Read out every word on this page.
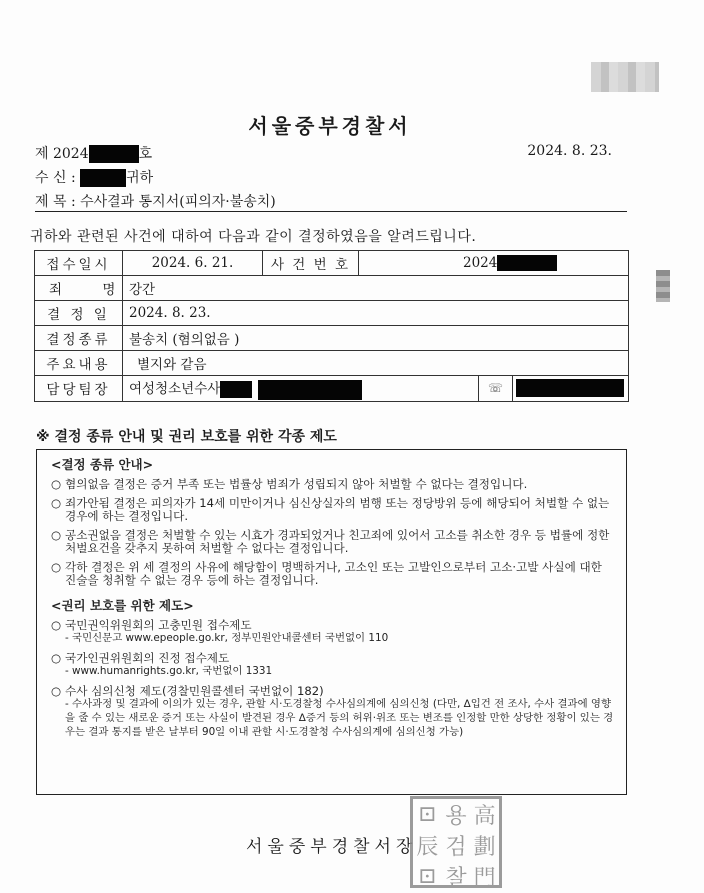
서울중부경찰서
제 2024	호	2024. 8. 23.
수 신 :	귀하
제 목 : 수사결과 통지서(피의자·불송치)
귀하와 관련된 사건에 대하여 다음과 같이 결정하였음을 알려드립니다.
접수일시	2024. 6. 21.	사 건 번 호	2024		
죄 명	강간				
결 정 일	2024. 8. 23.				
결정종류	불송치 (혐의없음 )				
주요내용	별지와 같음				
담당팀장	여성청소년수사			☏	
※ 결정 종류 안내 및 권리 보호를 위한 각종 제도
<결정 종류 안내>
○ 혐의없음 결정은 증거 부족 또는 법률상 범죄가 성립되지 않아 처벌할 수 없다는 결정입니다.
○ 죄가안됨 결정은 피의자가 14세 미만이거나 심신상실자의 범행 또는 정당방위 등에 해당되어 처벌할 수 없는 경우에 하는 결정입니다.
○ 공소권없음 결정은 처벌할 수 있는 시효가 경과되었거나 친고죄에 있어서 고소를 취소한 경우 등 법률에 정한 처벌요건을 갖추지 못하여 처벌할 수 없다는 결정입니다.
○ 각하 결정은 위 세 결정의 사유에 해당함이 명백하거나, 고소인 또는 고발인으로부터 고소·고발 사실에 대한 진술을 청취할 수 없는 경우 등에 하는 결정입니다.
<권리 보호를 위한 제도>
○ 국민권익위원회의 고충민원 접수제도
- 국민신문고 www.epeople.go.kr, 정부민원안내콜센터 국번없이 110
○ 국가인권위원회의 진정 접수제도
- www.humanrights.go.kr, 국번없이 1331
○ 수사 심의신청 제도(경찰민원콜센터 국번없이 182)
- 수사과정 및 결과에 이의가 있는 경우, 관할 시·도경찰청 수사심의계에 심의신청 (다만, ᐃ입건 전 조사, 수사 결과에 영향을 줄 수 있는 새로운 증거 또는 사실이 발견된 경우 ᐃ증거 등의 허위·위조 또는 변조를 인정할 만한 상당한 정황이 있는 경우는 결과 통지를 받은 날부터 90일 이내 관할 시·도경찰청 수사심의계에 심의신청 가능)
서울중부경찰서장
⊡ 용 高
辰 검 劃
⊡ 찰 門
